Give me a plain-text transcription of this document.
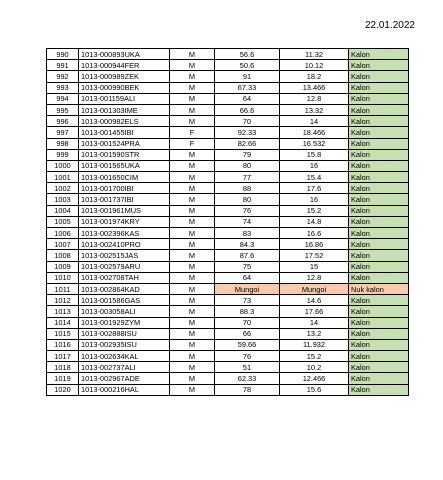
22.01.2022
990	1013-000893UKA	M	56.6	11.32	Kalon
991	1013-000944FER	M	50.6	10.12	Kalon
992	1013-000989ZEK	M	91	18.2	Kalon
993	1013-000990BEK	M	67.33	13.466	Kalon
994	1013-001159ALI	M	64	12.8	Kalon
995	1013-001303IME	M	66.6	13.32	Kalon
996	1013-000982ELS	M	70	14	Kalon
997	1013-001455IBI	F	92.33	18.466	Kalon
998	1013-001524PRA	F	82.66	16.532	Kalon
999	1013-001590STR	M	79	15.8	Kalon
1000	1013-001565UKA	M	80	16	Kalon
1001	1013-001650CIM	M	77	15.4	Kalon
1002	1013-001700IBI	M	88	17.6	Kalon
1003	1013-001737IBI	M	80	16	Kalon
1004	1013-001961MUS	M	76	15.2	Kalon
1005	1013-001974KRY	M	74	14.8	Kalon
1006	1013-002396KAS	M	83	16.6	Kalon
1007	1013-002410PRO	M	84.3	16.86	Kalon
1008	1013-002515JAS	M	87.6	17.52	Kalon
1009	1013-002579ARU	M	75	15	Kalon
1010	1013-002708TAH	M	64	12.8	Kalon
1011	1013-002864KAD	M	Mungoi	Mungoi	Nuk kalon
1012	1013-001586GAS	M	73	14.6	Kalon
1013	1013-003058ALI	M	88.3	17.66	Kalon
1014	1013-001929ZYM	M	70	14	Kalon
1015	1013-002888ISU	M	66	13.2	Kalon
1016	1013-002935ISU	M	59.66	11.932	Kalon
1017	1013-002634KAL	M	76	15.2	Kalon
1018	1013-002737ALI	M	51	10.2	Kalon
1019	1013-002967ADE	M	62.33	12.466	Kalon
1020	1013-000216HAL	M	78	15.6	Kalon
